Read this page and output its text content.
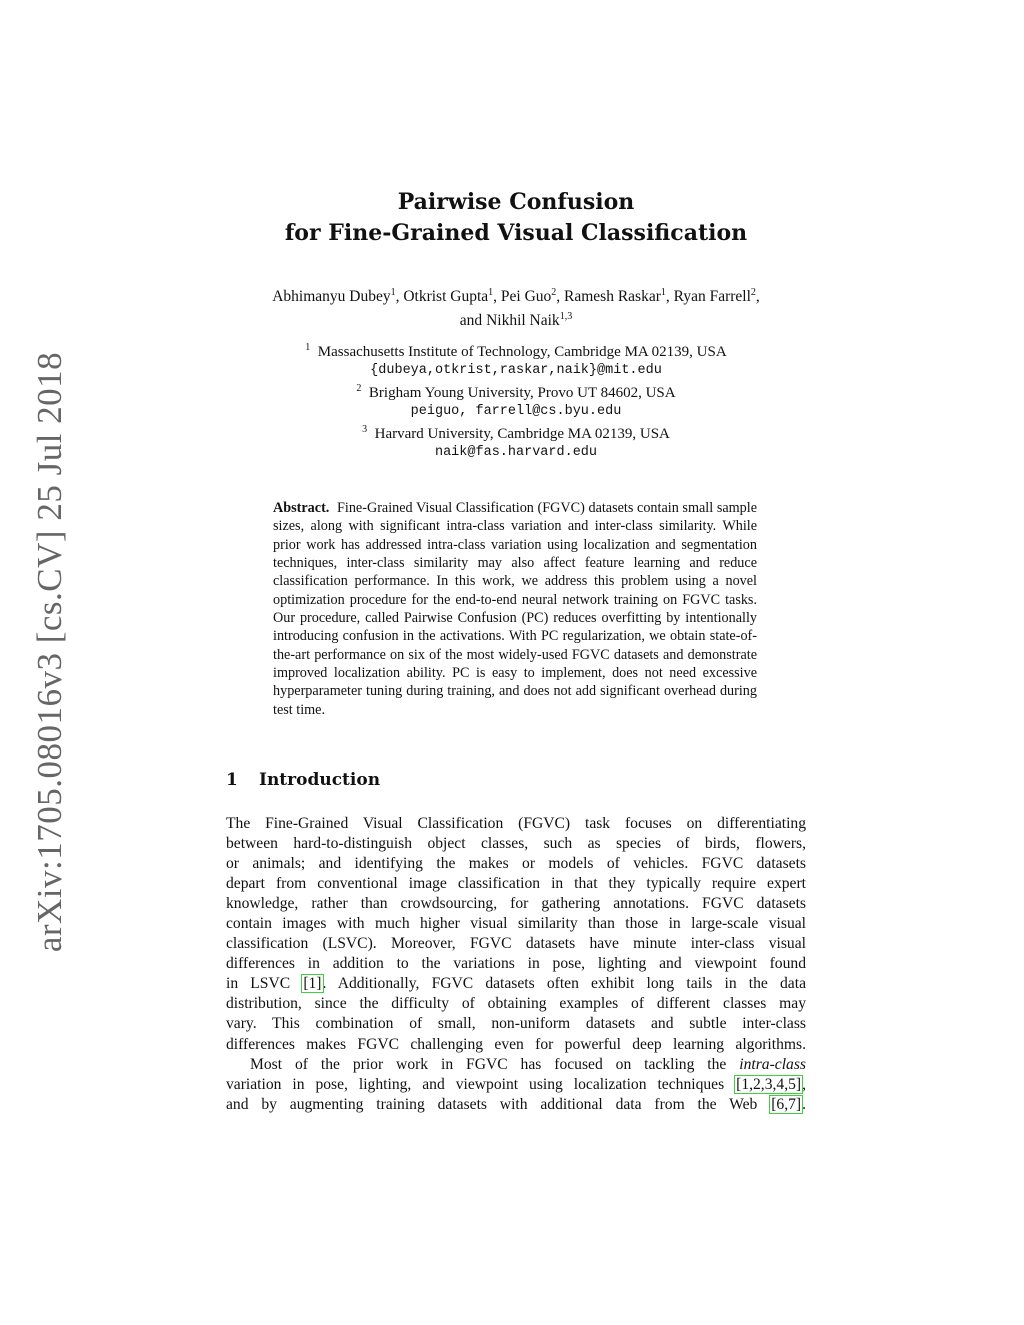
arXiv:1705.08016v3 [cs.CV] 25 Jul 2018
Pairwise Confusion
for Fine-Grained Visual Classification
Abhimanyu Dubey$^1$, Otkrist Gupta$^1$, Pei Guo$^2$, Ramesh Raskar$^1$, Ryan Farrell$^2$,
and Nikhil Naik$^{1,3}$
$^1$ Massachusetts Institute of Technology, Cambridge MA 02139, USA
{dubeya,otkrist,raskar,naik}@mit.edu
$^2$ Brigham Young University, Provo UT 84602, USA
peiguo, farrell@cs.byu.edu
$^3$ Harvard University, Cambridge MA 02139, USA
naik@fas.harvard.edu
Abstract. Fine-Grained Visual Classification (FGVC) datasets contain small sample sizes, along with significant intra-class variation and inter-class similarity. While prior work has addressed intra-class variation using localization and segmentation techniques, inter-class similarity may also affect feature learning and reduce classification performance. In this work, we address this problem using a novel optimization procedure for the end-to-end neural network training on FGVC tasks. Our procedure, called Pairwise Confusion (PC) reduces overfitting by intentionally introducing confusion in the activations. With PC regularization, we obtain state-of-the-art performance on six of the most widely-used FGVC datasets and demonstrate improved localization ability. PC is easy to implement, does not need excessive hyperparameter tuning during training, and does not add significant overhead during test time.
1 Introduction
The Fine-Grained Visual Classification (FGVC) task focuses on differentiating
between hard-to-distinguish object classes, such as species of birds, flowers,
or animals; and identifying the makes or models of vehicles. FGVC datasets
depart from conventional image classification in that they typically require expert
knowledge, rather than crowdsourcing, for gathering annotations. FGVC datasets
contain images with much higher visual similarity than those in large-scale visual
classification (LSVC). Moreover, FGVC datasets have minute inter-class visual
differences in addition to the variations in pose, lighting and viewpoint found
in LSVC [1]. Additionally, FGVC datasets often exhibit long tails in the data
distribution, since the difficulty of obtaining examples of different classes may
vary. This combination of small, non-uniform datasets and subtle inter-class
differences makes FGVC challenging even for powerful deep learning algorithms.
Most of the prior work in FGVC has focused on tackling the intra-class
variation in pose, lighting, and viewpoint using localization techniques [1,2,3,4,5],
and by augmenting training datasets with additional data from the Web [6,7].
